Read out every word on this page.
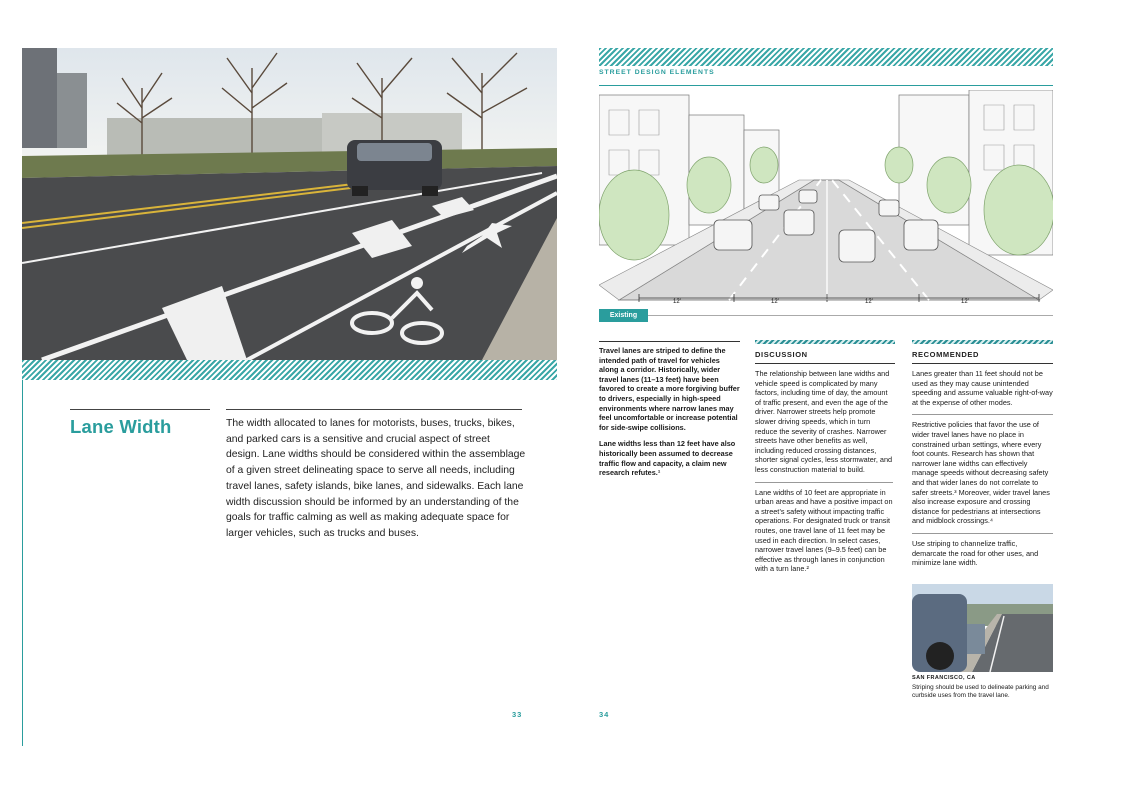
Lane Width	The width allocated to lanes for motorists, buses, trucks, bikes, and parked cars is a sensitive and crucial aspect of street design. Lane widths should be considered within the assemblage of a given street delineating space to serve all needs, including travel lanes, safety islands, bike lanes, and sidewalks. Each lane width discussion should be informed by an understanding of the goals for traffic calming as well as making adequate space for larger vehicles, such as trucks and buses.
33
STREET DESIGN ELEMENTS
12'	12'	12'	12'
Existing

Travel lanes are striped to define the intended path of travel for vehicles along a corridor. Historically, wider travel lanes (11–13 feet) have been favored to create a more forgiving buffer to drivers, especially in high-speed environments where narrow lanes may feel uncomfortable or increase potential for side-swipe collisions.

Lane widths less than 12 feet have also historically been assumed to decrease traffic flow and capacity, a claim new research refutes.¹

DISCUSSION

The relationship between lane widths and vehicle speed is complicated by many factors, including time of day, the amount of traffic present, and even the age of the driver. Narrower streets help promote slower driving speeds, which in turn reduce the severity of crashes. Narrower streets have other benefits as well, including reduced crossing distances, shorter signal cycles, less stormwater, and less construction material to build.

Lane widths of 10 feet are appropriate in urban areas and have a positive impact on a street’s safety without impacting traffic operations. For designated truck or transit routes, one travel lane of 11 feet may be used in each direction. In select cases, narrower travel lanes (9–9.5 feet) can be effective as through lanes in conjunction with a turn lane.²

RECOMMENDED

Lanes greater than 11 feet should not be used as they may cause unintended speeding and assume valuable right-of-way at the expense of other modes.

Restrictive policies that favor the use of wider travel lanes have no place in constrained urban settings, where every foot counts. Research has shown that narrower lane widths can effectively manage speeds without decreasing safety and that wider lanes do not correlate to safer streets.³ Moreover, wider travel lanes also increase exposure and crossing distance for pedestrians at intersections and midblock crossings.⁴

Use striping to channelize traffic, demarcate the road for other uses, and minimize lane width.

SAN FRANCISCO, CA
Striping should be used to delineate parking and curbside uses from the travel lane.
34
